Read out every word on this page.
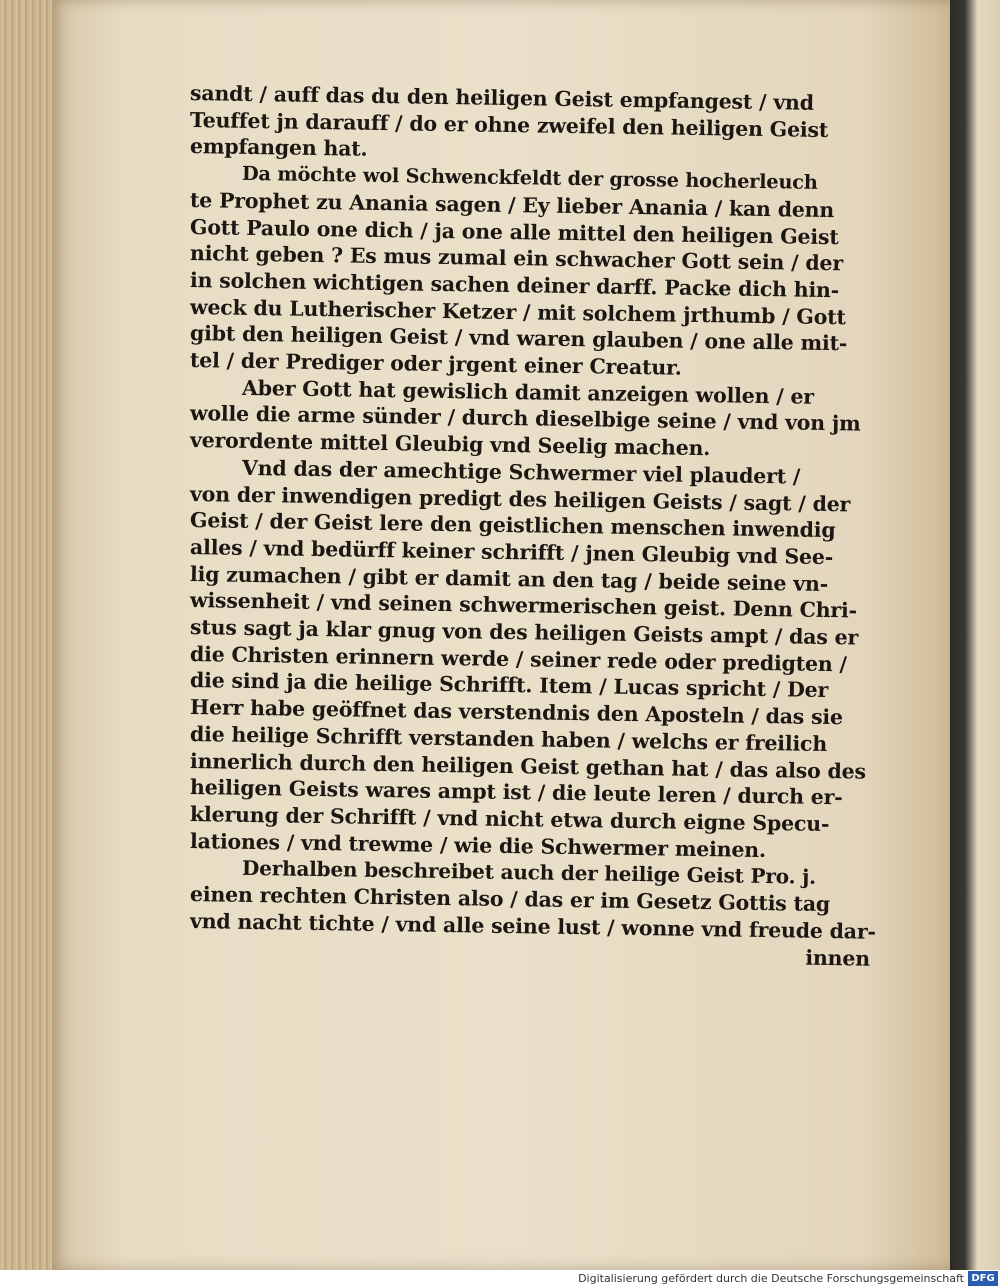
sandt / auff das du den heiligen Geist empfangest / vnd
Teuffet jn darauff / do er ohne zweifel den heiligen Geist
empfangen hat.
Da möchte wol Schwenckfeldt der grosse hocherleuch
te Prophet zu Anania sagen / Ey lieber Anania / kan denn
Gott Paulo one dich / ja one alle mittel den heiligen Geist
nicht geben ? Es mus zumal ein schwacher Gott sein / der
in solchen wichtigen sachen deiner darff. Packe dich hin-
weck du Lutherischer Ketzer / mit solchem jrthumb / Gott
gibt den heiligen Geist / vnd waren glauben / one alle mit-
tel / der Prediger oder jrgent einer Creatur.
Aber Gott hat gewislich damit anzeigen wollen / er
wolle die arme sünder / durch dieselbige seine / vnd von jm
verordente mittel Gleubig vnd Seelig machen.
Vnd das der amechtige Schwermer viel plaudert /
von der inwendigen predigt des heiligen Geists / sagt / der
Geist / der Geist lere den geistlichen menschen inwendig
alles / vnd bedürff keiner schrifft / jnen Gleubig vnd See-
lig zumachen / gibt er damit an den tag / beide seine vn-
wissenheit / vnd seinen schwermerischen geist. Denn Chri-
stus sagt ja klar gnug von des heiligen Geists ampt / das er
die Christen erinnern werde / seiner rede oder predigten /
die sind ja die heilige Schrifft. Item / Lucas spricht / Der
Herr habe geöffnet das verstendnis den Aposteln / das sie
die heilige Schrifft verstanden haben / welchs er freilich
innerlich durch den heiligen Geist gethan hat / das also des
heiligen Geists wares ampt ist / die leute leren / durch er-
klerung der Schrifft / vnd nicht etwa durch eigne Specu-
lationes / vnd trewme / wie die Schwermer meinen.
Derhalben beschreibet auch der heilige Geist Pro. j.
einen rechten Christen also / das er im Gesetz Gottis tag
vnd nacht tichte / vnd alle seine lust / wonne vnd freude dar-
innen
Digitalisierung gefördert durch die Deutsche Forschungsgemeinschaft DFG
